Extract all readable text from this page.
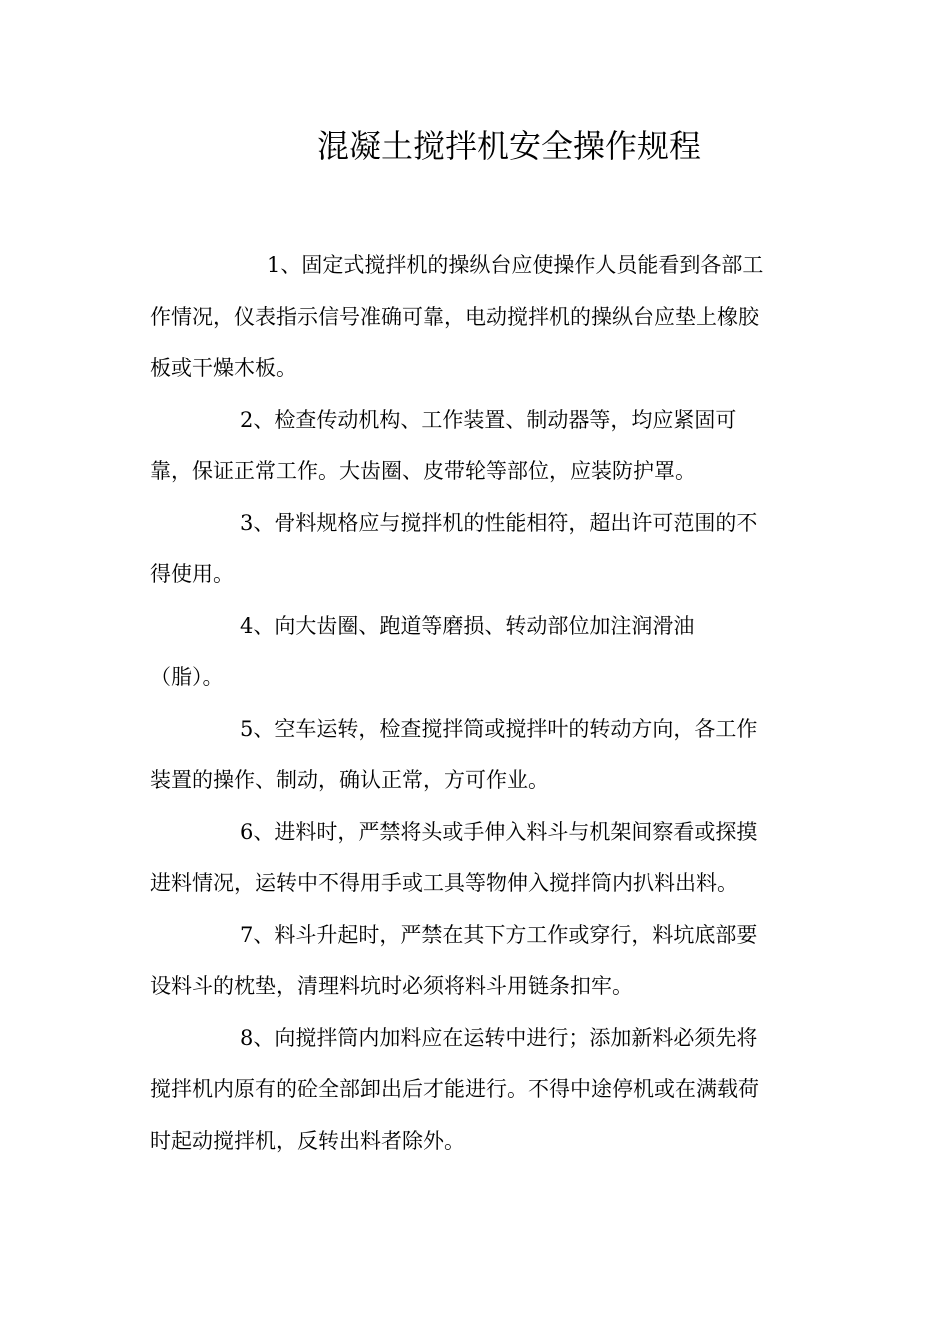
混凝土搅拌机安全操作规程

1、固定式搅拌机的操纵台应使操作人员能看到各部工
作情况，仪表指示信号准确可靠，电动搅拌机的操纵台应垫上橡胶
板或干燥木板。

2、检查传动机构、工作装置、制动器等，均应紧固可
靠，保证正常工作。大齿圈、皮带轮等部位，应装防护罩。

3、骨料规格应与搅拌机的性能相符，超出许可范围的不
得使用。

4、向大齿圈、跑道等磨损、转动部位加注润滑油
（脂）。

5、空车运转，检查搅拌筒或搅拌叶的转动方向，各工作
装置的操作、制动，确认正常，方可作业。

6、进料时，严禁将头或手伸入料斗与机架间察看或探摸
进料情况，运转中不得用手或工具等物伸入搅拌筒内扒料出料。

7、料斗升起时，严禁在其下方工作或穿行，料坑底部要
设料斗的枕垫，清理料坑时必须将料斗用链条扣牢。

8、向搅拌筒内加料应在运转中进行；添加新料必须先将
搅拌机内原有的砼全部卸出后才能进行。不得中途停机或在满载荷
时起动搅拌机，反转出料者除外。
